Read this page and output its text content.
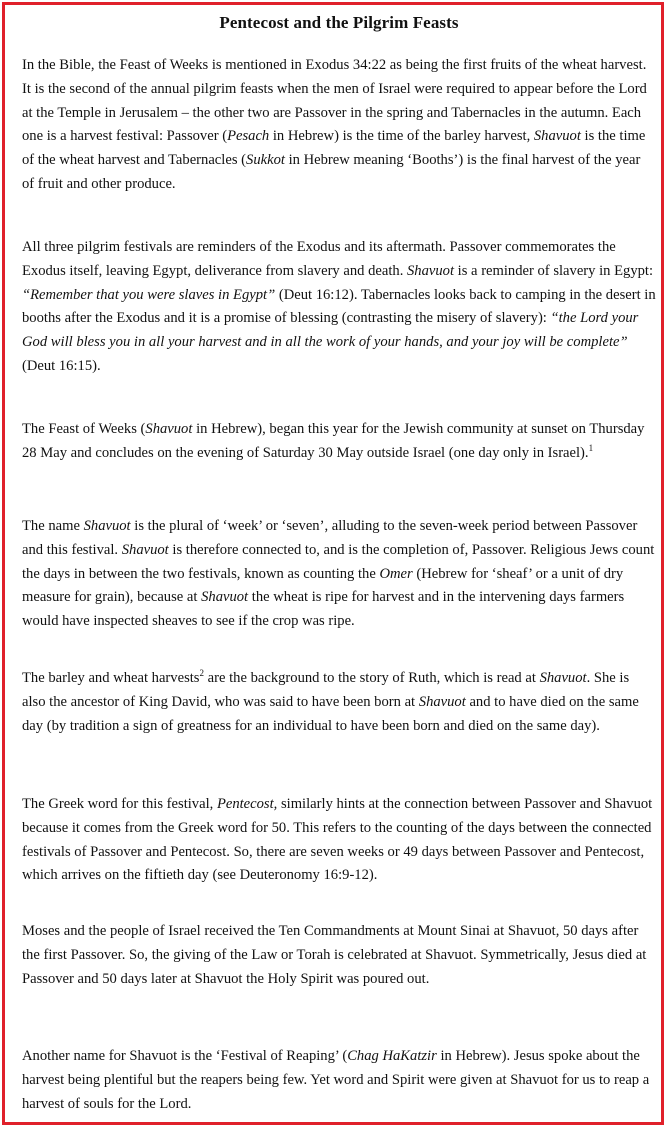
Pentecost and the Pilgrim Feasts

In the Bible, the Feast of Weeks is mentioned in Exodus 34:22 as being the first fruits of the wheat harvest. It is the second of the annual pilgrim feasts when the men of Israel were required to appear before the Lord at the Temple in Jerusalem – the other two are Passover in the spring and Tabernacles in the autumn. Each one is a harvest festival: Passover (Pesach in Hebrew) is the time of the barley harvest, Shavuot is the time of the wheat harvest and Tabernacles (Sukkot in Hebrew meaning ‘Booths’) is the final harvest of the year of fruit and other produce.

All three pilgrim festivals are reminders of the Exodus and its aftermath. Passover commemorates the Exodus itself, leaving Egypt, deliverance from slavery and death. Shavuot is a reminder of slavery in Egypt: “Remember that you were slaves in Egypt” (Deut 16:12). Tabernacles looks back to camping in the desert in booths after the Exodus and it is a promise of blessing (contrasting the misery of slavery): “the Lord your God will bless you in all your harvest and in all the work of your hands, and your joy will be complete” (Deut 16:15).

The Feast of Weeks (Shavuot in Hebrew), began this year for the Jewish community at sunset on Thursday 28 May and concludes on the evening of Saturday 30 May outside Israel (one day only in Israel).$^1$

The name Shavuot is the plural of ‘week’ or ‘seven’, alluding to the seven-week period between Passover and this festival. Shavuot is therefore connected to, and is the completion of, Passover. Religious Jews count the days in between the two festivals, known as counting the Omer (Hebrew for ‘sheaf’ or a unit of dry measure for grain), because at Shavuot the wheat is ripe for harvest and in the intervening days farmers would have inspected sheaves to see if the crop was ripe.

The barley and wheat harvests$^2$ are the background to the story of Ruth, which is read at Shavuot. She is also the ancestor of King David, who was said to have been born at Shavuot and to have died on the same day (by tradition a sign of greatness for an individual to have been born and died on the same day).

The Greek word for this festival, Pentecost, similarly hints at the connection between Passover and Shavuot because it comes from the Greek word for 50. This refers to the counting of the days between the connected festivals of Passover and Pentecost. So, there are seven weeks or 49 days between Passover and Pentecost, which arrives on the fiftieth day (see Deuteronomy 16:9-12).

Moses and the people of Israel received the Ten Commandments at Mount Sinai at Shavuot, 50 days after the first Passover. So, the giving of the Law or Torah is celebrated at Shavuot. Symmetrically, Jesus died at Passover and 50 days later at Shavuot the Holy Spirit was poured out.

Another name for Shavuot is the ‘Festival of Reaping’ (Chag HaKatzir in Hebrew). Jesus spoke about the harvest being plentiful but the reapers being few. Yet word and Spirit were given at Shavuot for us to reap a harvest of souls for the Lord.
